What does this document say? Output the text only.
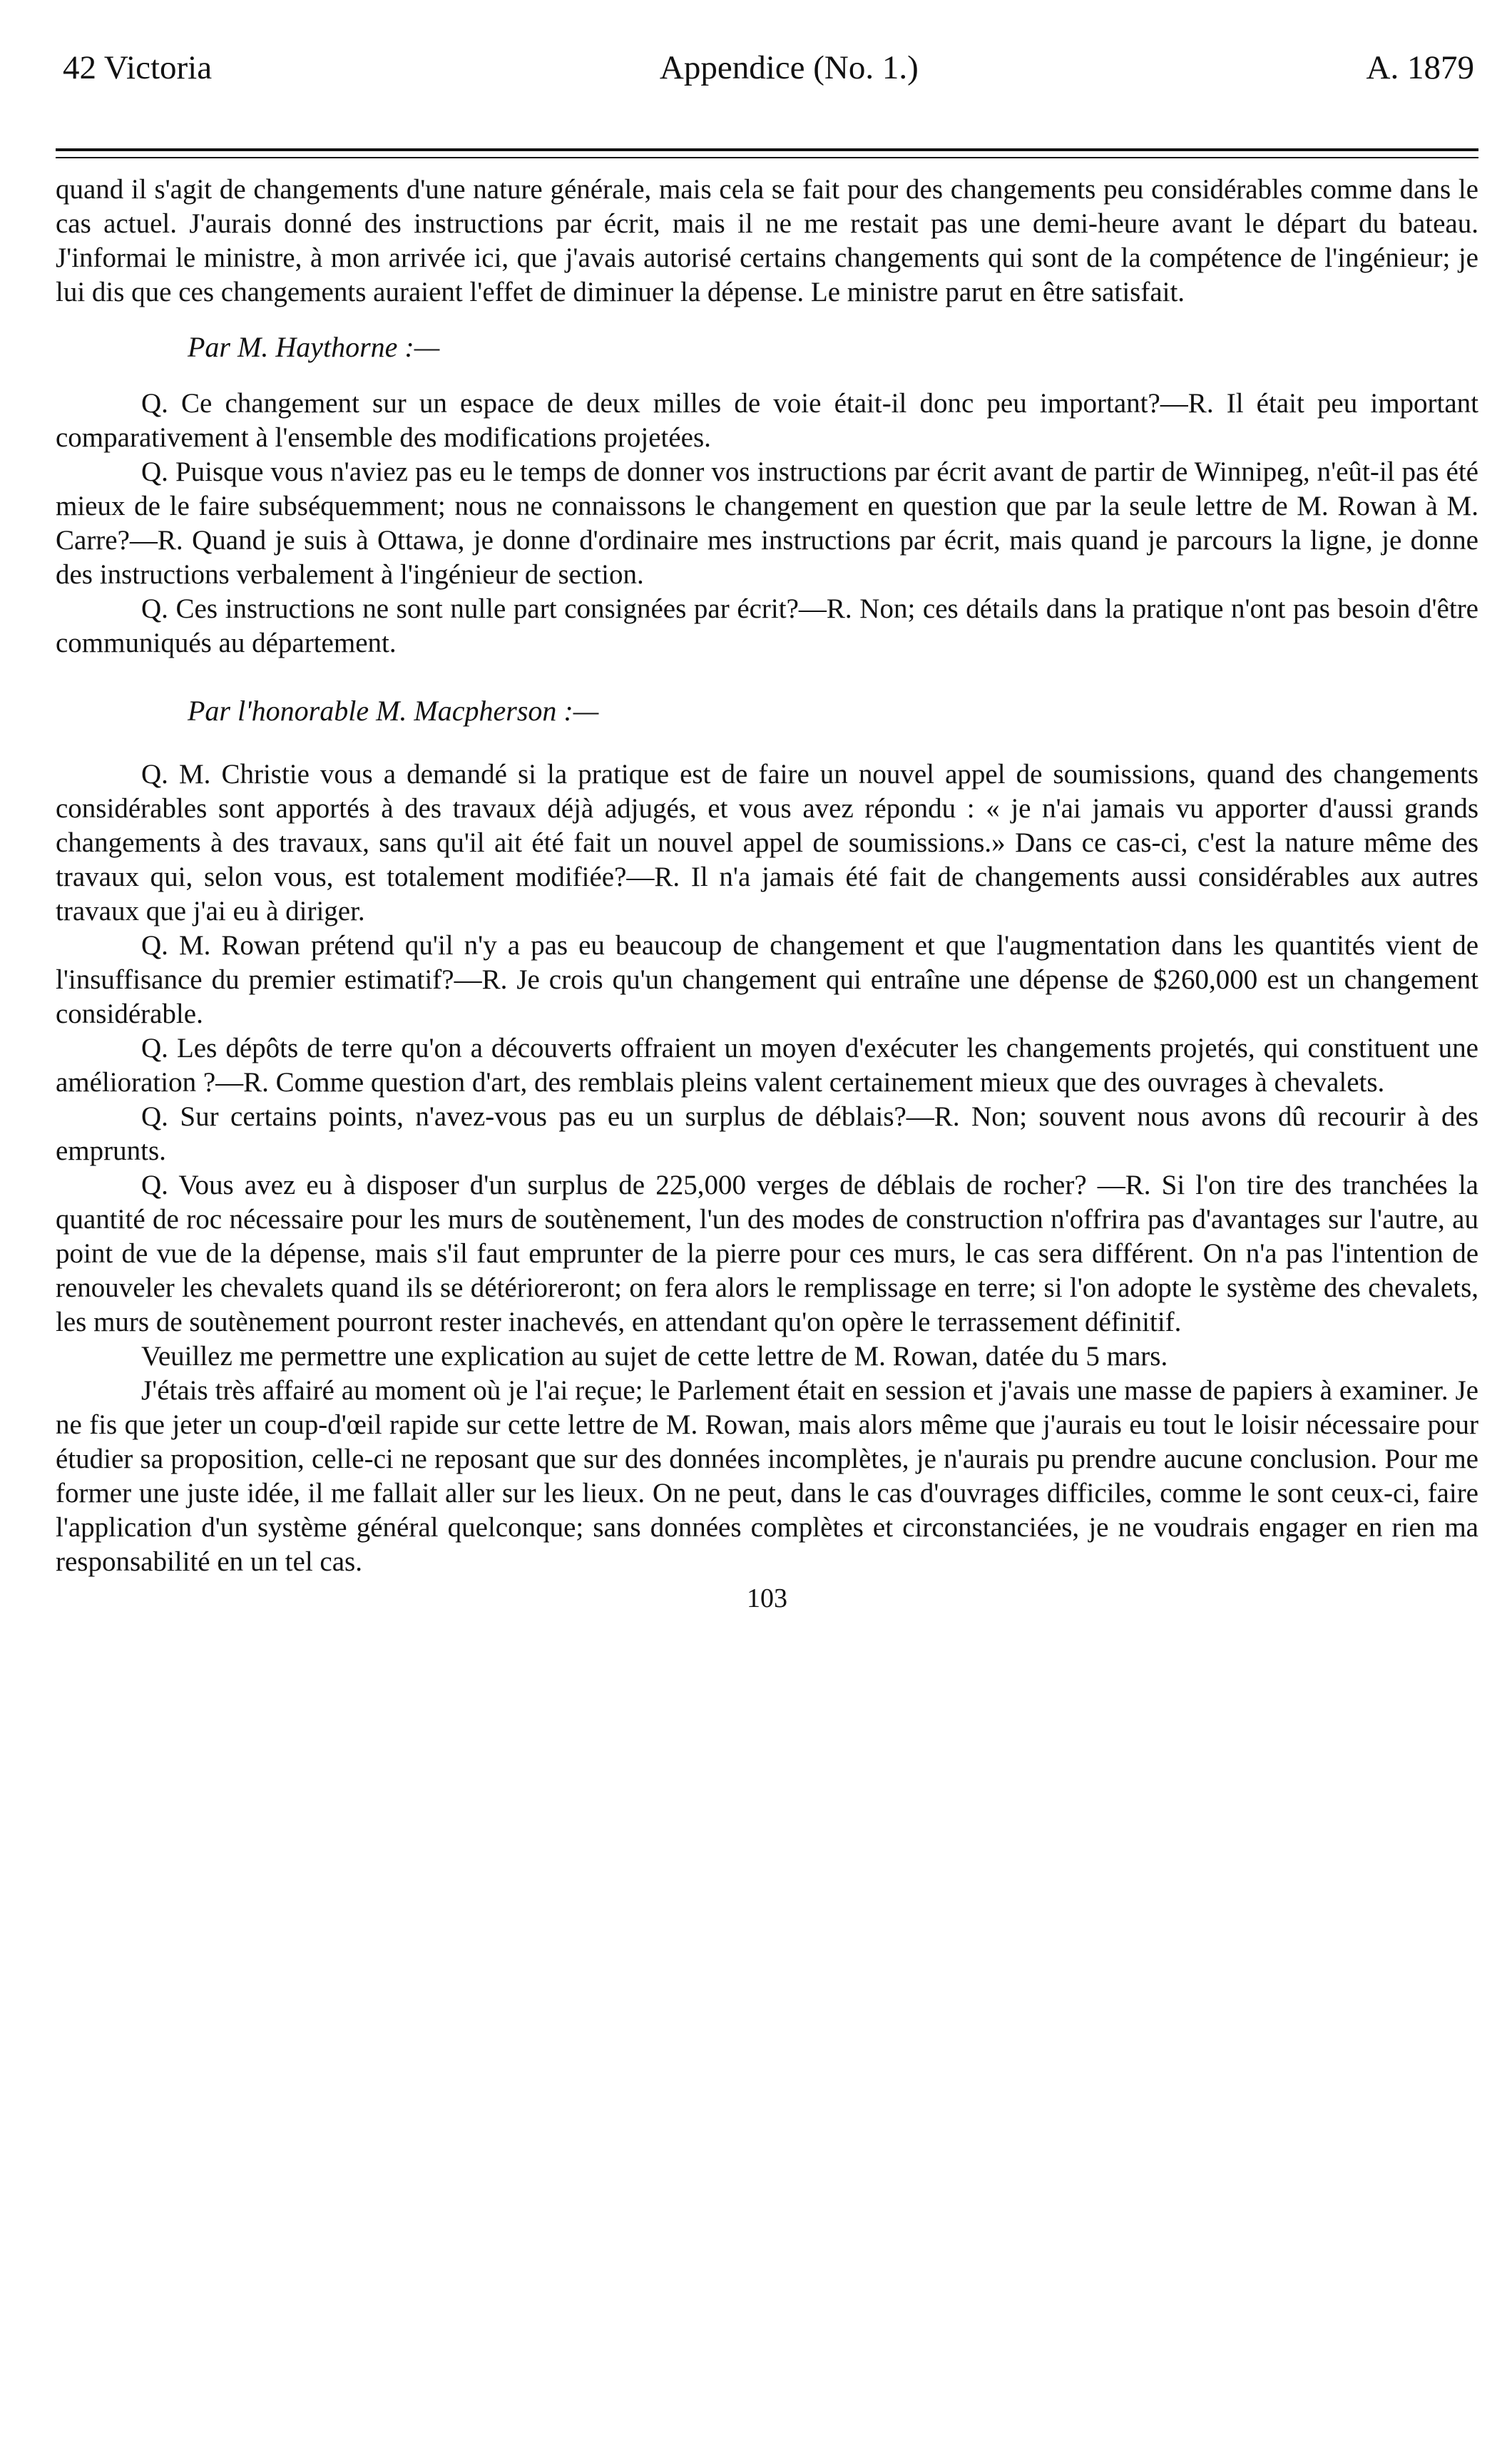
42 Victoria	Appendice (No. 1.)	A. 1879

quand il s'agit de changements d'une nature générale, mais cela se fait pour des changements peu considérables comme dans le cas actuel. J'aurais donné des instructions par écrit, mais il ne me restait pas une demi-heure avant le départ du bateau. J'informai le ministre, à mon arrivée ici, que j'avais autorisé certains changements qui sont de la compétence de l'ingénieur; je lui dis que ces changements auraient l'effet de diminuer la dépense. Le ministre parut en être satisfait.

Par M. Haythorne :—

Q. Ce changement sur un espace de deux milles de voie était-il donc peu important?—R. Il était peu important comparativement à l'ensemble des modifications projetées.

Q. Puisque vous n'aviez pas eu le temps de donner vos instructions par écrit avant de partir de Winnipeg, n'eût-il pas été mieux de le faire subséquemment; nous ne connaissons le changement en question que par la seule lettre de M. Rowan à M. Carre?—R. Quand je suis à Ottawa, je donne d'ordinaire mes instructions par écrit, mais quand je parcours la ligne, je donne des instructions verbalement à l'ingénieur de section.

Q. Ces instructions ne sont nulle part consignées par écrit?—R. Non; ces détails dans la pratique n'ont pas besoin d'être communiqués au département.

Par l'honorable M. Macpherson :—

Q. M. Christie vous a demandé si la pratique est de faire un nouvel appel de soumissions, quand des changements considérables sont apportés à des travaux déjà adjugés, et vous avez répondu : « je n'ai jamais vu apporter d'aussi grands changements à des travaux, sans qu'il ait été fait un nouvel appel de soumissions.» Dans ce cas-ci, c'est la nature même des travaux qui, selon vous, est totalement modifiée?—R. Il n'a jamais été fait de changements aussi considérables aux autres travaux que j'ai eu à diriger.

Q. M. Rowan prétend qu'il n'y a pas eu beaucoup de changement et que l'augmentation dans les quantités vient de l'insuffisance du premier estimatif?—R. Je crois qu'un changement qui entraîne une dépense de $260,000 est un changement considérable.

Q. Les dépôts de terre qu'on a découverts offraient un moyen d'exécuter les changements projetés, qui constituent une amélioration ?—R. Comme question d'art, des remblais pleins valent certainement mieux que des ouvrages à chevalets.

Q. Sur certains points, n'avez-vous pas eu un surplus de déblais?—R. Non; souvent nous avons dû recourir à des emprunts.

Q. Vous avez eu à disposer d'un surplus de 225,000 verges de déblais de rocher? —R. Si l'on tire des tranchées la quantité de roc nécessaire pour les murs de soutènement, l'un des modes de construction n'offrira pas d'avantages sur l'autre, au point de vue de la dépense, mais s'il faut emprunter de la pierre pour ces murs, le cas sera différent. On n'a pas l'intention de renouveler les chevalets quand ils se détérioreront; on fera alors le remplissage en terre; si l'on adopte le système des chevalets, les murs de soutènement pourront rester inachevés, en attendant qu'on opère le terrassement définitif.

Veuillez me permettre une explication au sujet de cette lettre de M. Rowan, datée du 5 mars.

J'étais très affairé au moment où je l'ai reçue; le Parlement était en session et j'avais une masse de papiers à examiner. Je ne fis que jeter un coup-d'œil rapide sur cette lettre de M. Rowan, mais alors même que j'aurais eu tout le loisir nécessaire pour étudier sa proposition, celle-ci ne reposant que sur des données incomplètes, je n'aurais pu prendre aucune conclusion. Pour me former une juste idée, il me fallait aller sur les lieux. On ne peut, dans le cas d'ouvrages difficiles, comme le sont ceux-ci, faire l'application d'un système général quelconque; sans données complètes et circonstanciées, je ne voudrais engager en rien ma responsabilité en un tel cas.

103
